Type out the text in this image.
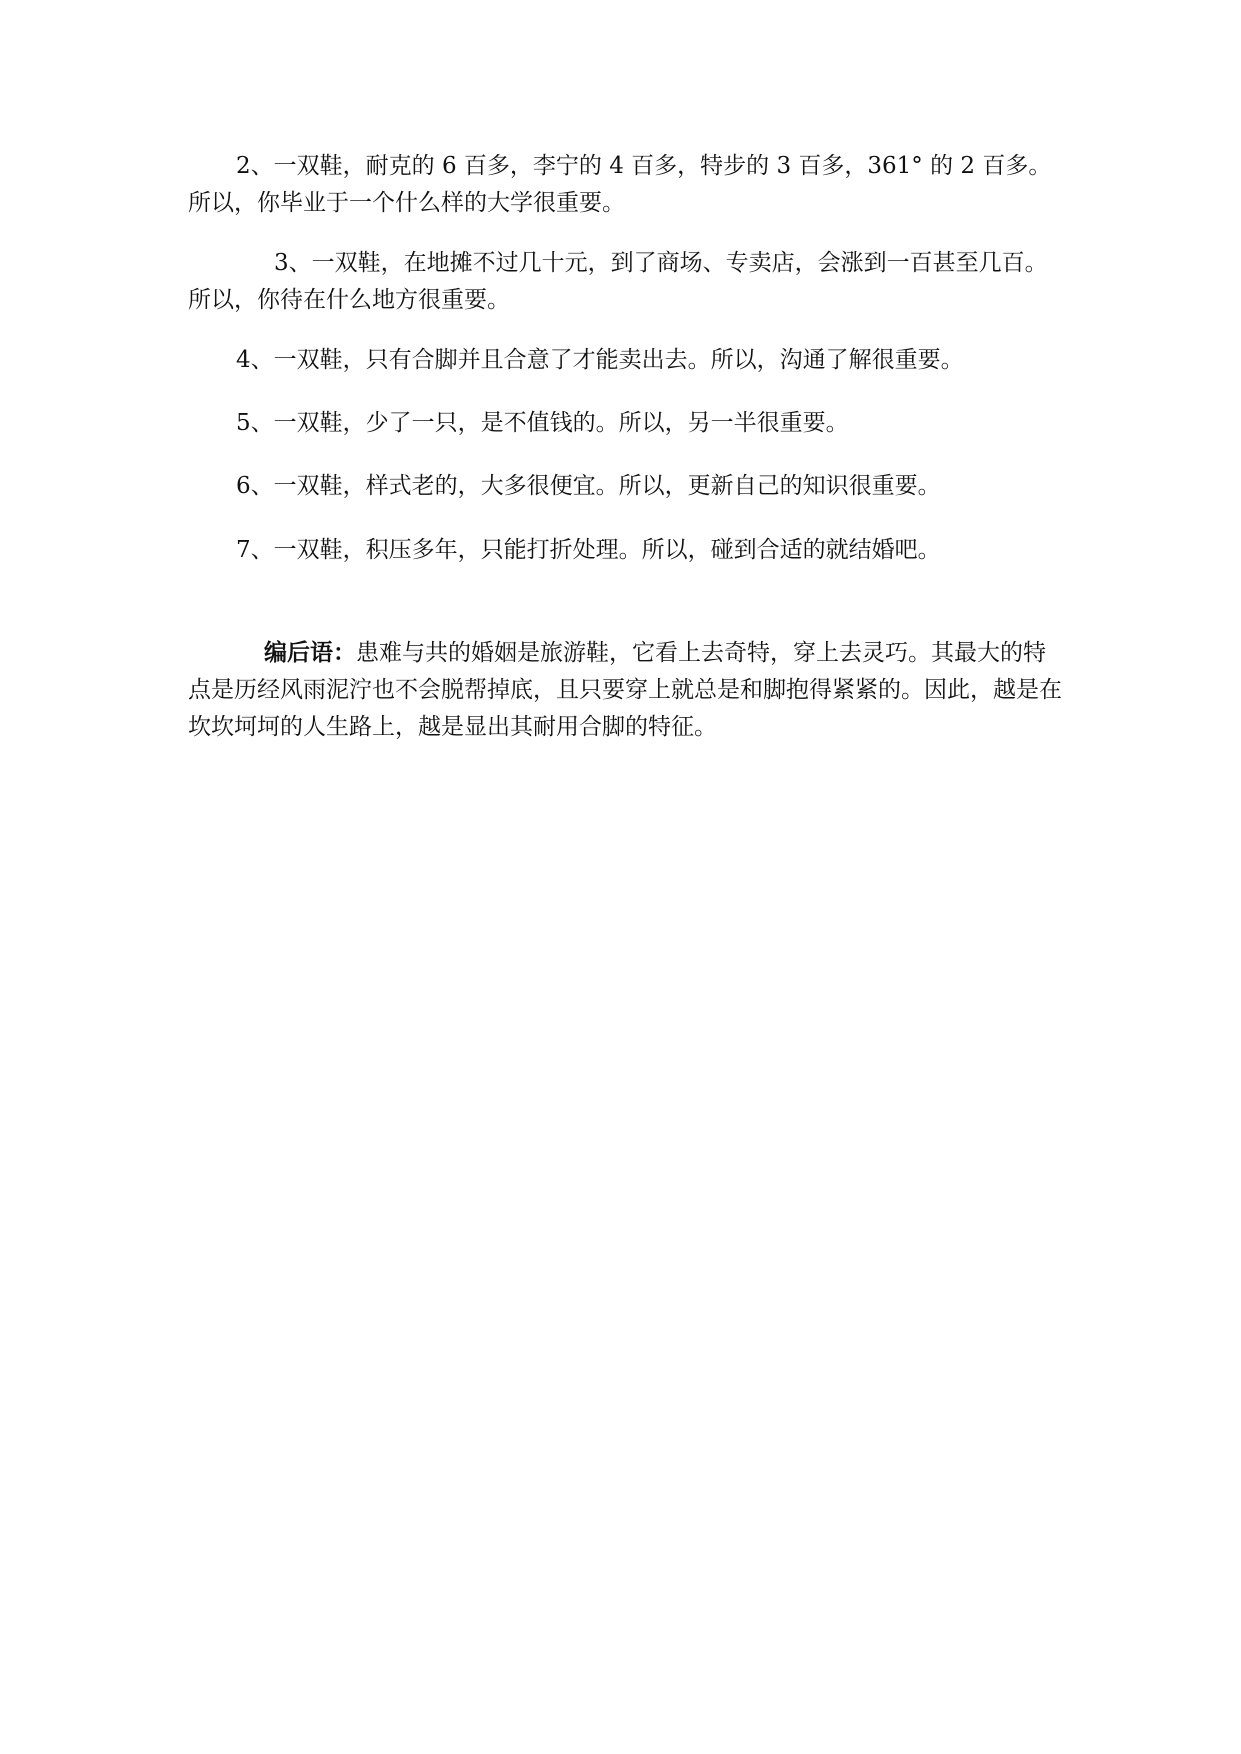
2、一双鞋，耐克的 6 百多，李宁的 4 百多，特步的 3 百多，361° 的 2 百多。所以，你毕业于一个什么样的大学很重要。

3、一双鞋，在地摊不过几十元，到了商场、专卖店，会涨到一百甚至几百。所以，你待在什么地方很重要。

4、一双鞋，只有合脚并且合意了才能卖出去。所以，沟通了解很重要。

5、一双鞋，少了一只，是不值钱的。所以，另一半很重要。

6、一双鞋，样式老的，大多很便宜。所以，更新自己的知识很重要。

7、一双鞋，积压多年，只能打折处理。所以，碰到合适的就结婚吧。

编后语：患难与共的婚姻是旅游鞋，它看上去奇特，穿上去灵巧。其最大的特点是历经风雨泥泞也不会脱帮掉底，且只要穿上就总是和脚抱得紧紧的。因此，越是在坎坎坷坷的人生路上，越是显出其耐用合脚的特征。
